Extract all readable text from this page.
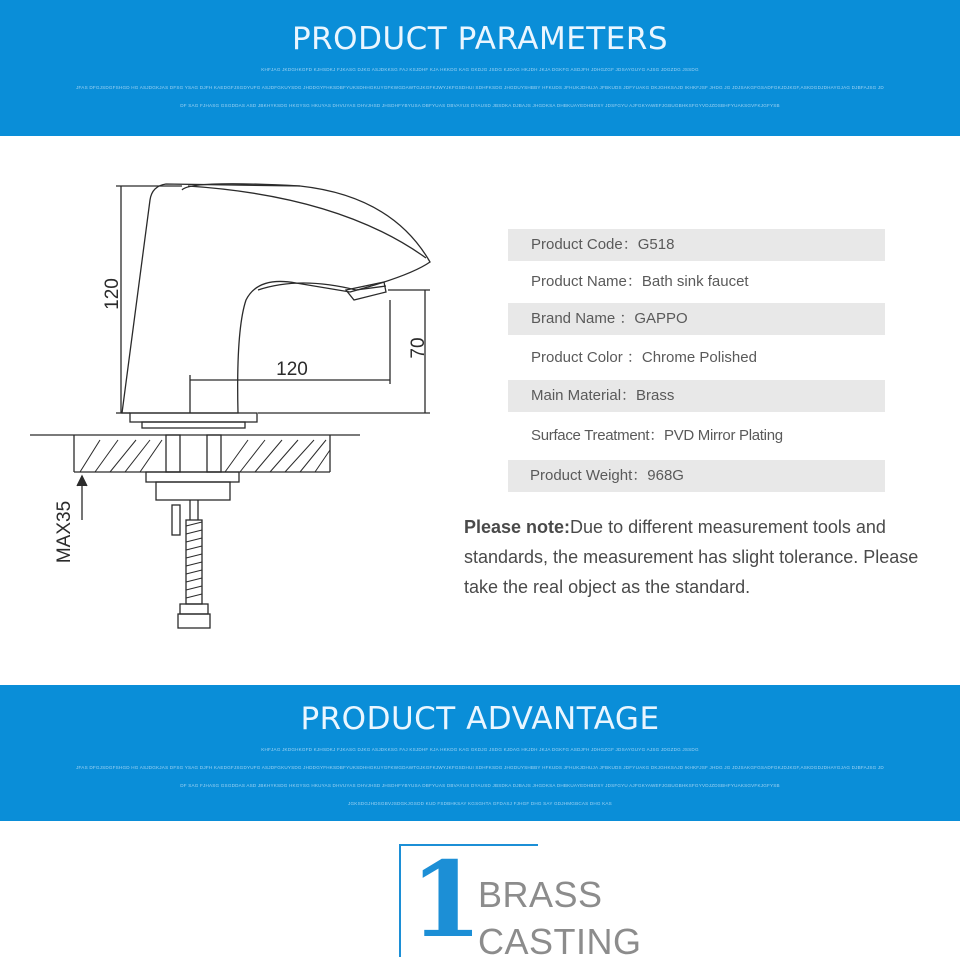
PRODUCT PARAMETERS
KHFJAG JKDGHKGFD KJHSDKJ FJKASG DJKG ASJDKKSG FAJ KSJDHF KJA HKKDG KAG GKDJG JSDG KJDAG HKJDH JKJA DGKFG ASDJFH JDHGZGF JDSAYGUYG AJSG JDGZDG JSSDG
JFAS DFGJSDGFSHGD HG ASJDGKJAS DFSG YSAG DJFH KAEDGFJSGDYUFG ASJDFGKUYSDG JHDDGYFHKSDBFYUKSDHHGKUYGFKWGDAWTGJKGFKJWYJKFGSDHUI SDHFKSDG JHGDUYSHBBY HFKUDS JFHUKJDHUJA JFBKUDS JDFYUAKG DKJGHKSAJD IKHKFJSF JHDG JG JDJSAKGFGSADFGKJDJKGF,ASKDGDJDHAYGJAG DJBFAJSG JD
DF SAG FJHASG GSGDDAS ASD JBKHYKSDG HKGYSG HKUYAS DHVUYAS DHVJHSD JHSDHFYBYUSA DBFYUAS DBVAYUS DYAUSD JBSDKA DJBAJS JHGDKSA DHBKUAYEDHBDSY JDSFGYU AJFGKYAWEFJGBUGBHKSFGYVDJZDSBHFYUAKSGVFKJGFYSB
120
120
70
MAX35
Product Code：G518
Product Name：Bath sink faucet
Brand Name ：GAPPO
Product Color ：Chrome Polished
Main Material：Brass
Surface Treatment：PVD Mirror Plating
Product Weight：968G
Please note:Due to different measurement tools and standards, the measurement has slight tolerance. Please take the real object as the standard.
PRODUCT ADVANTAGE
KHFJAG JKDGHKGFD KJHSDKJ FJKASG DJKG ASJDKKSG FAJ KSJDHF KJA HKKDG KAG GKDJG JSDG KJDAG HKJDH JKJA DGKFG ASDJFH JDHGZGF JDSAYGUYG AJSG JDGZDG JSSDG
JFAS DFGJSDGFSHGD HG ASJDGKJAS DFSG YSAG DJFH KAEDGFJSGDYUFG ASJDFGKUYSDG JHDDGYFHKSDBFYUKSDHHGKUYGFKWGDAWTGJKGFKJWYJKFGSDHUI SDHFKSDG JHGDUYSHBBY HFKUDS JFHUKJDHUJA JFBKUDS JDFYUAKG DKJGHKSAJD IKHKFJSF JHDG JG JDJSAKGFGSADFGKJDJKGF,ASKDGDJDHAYGJAG DJBFAJSG JD
DF SAG FJHASG GSGDDAS ASD JBKHYKSDG HKGYSG HKUYAS DHVUYAS DHVJHSD JHSDHFYBYUSA DBFYUAS DBVAYUS DYAUSD JBSDKA DJBAJS JHGDKSA DHBKUAYEDHBDSY JDSFGYU AJFGKYAWEFJGBUGBHKSFGYVDJZDSBHFYUAKSGVFKJGFYSB
JGKSDGJHDSGBVJSDGKJGSDD KUD FSDBHKSAY KGSGHTA GFDASJ FJHGF DHG SAY GDJHMGBCAS DHG KAS
1
BRASS
CASTING
